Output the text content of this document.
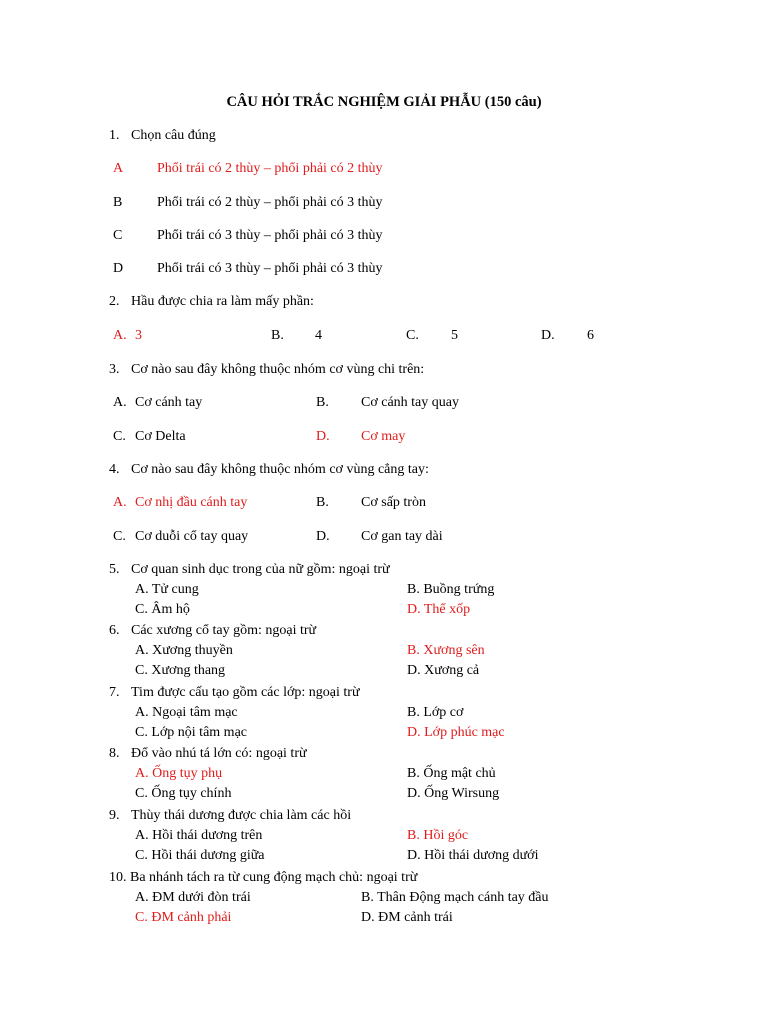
CÂU HỎI TRẮC NGHIỆM GIẢI PHẪU (150 câu)
A Phổi trái có 2 thùy – phổi phải có 2 thùy
B Phổi trái có 2 thùy – phổi phải có 3 thùy
C Phổi trái có 3 thùy – phổi phải có 3 thùy
D Phổi trái có 3 thùy – phổi phải có 3 thùy
A. 3	B. 4	C. 5	D. 6
A. Cơ cánh tay	B. Cơ cánh tay quay
C. Cơ Delta	D. Cơ may
A. Cơ nhị đầu cánh tay	B. Cơ sấp tròn
C. Cơ duỗi cổ tay quay	D. Cơ gan tay dài
A. Tử cung	B. Buồng trứng
C. Âm hộ	D. Thể xốp
A. Xương thuyền	B. Xương sên
C. Xương thang	D. Xương cả
A. Ngoại tâm mạc	B. Lớp cơ
C. Lớp nội tâm mạc	D. Lớp phúc mạc
A. Ống tụy phụ	B. Ống mật chủ
C. Ống tụy chính	D. Ống Wirsung
A. Hồi thái dương trên	B. Hồi góc
C. Hồi thái dương giữa	D. Hồi thái dương dưới
A. ĐM dưới đòn trái	B. Thân Động mạch cánh tay đầu
C. ĐM cảnh phải	D. ĐM cảnh trái
1. Chọn câu đúng
2. Hầu được chia ra làm mấy phần:
3. Cơ nào sau đây không thuộc nhóm cơ vùng chi trên:
4. Cơ nào sau đây không thuộc nhóm cơ vùng cẳng tay:
5. Cơ quan sinh dục trong của nữ gồm: ngoại trừ
6. Các xương cổ tay gồm: ngoại trừ
7. Tim được cấu tạo gồm các lớp: ngoại trừ
8. Đổ vào nhú tá lớn có: ngoại trừ
9. Thùy thái dương được chia làm các hồi
10. Ba nhánh tách ra từ cung động mạch chủ: ngoại trừ
